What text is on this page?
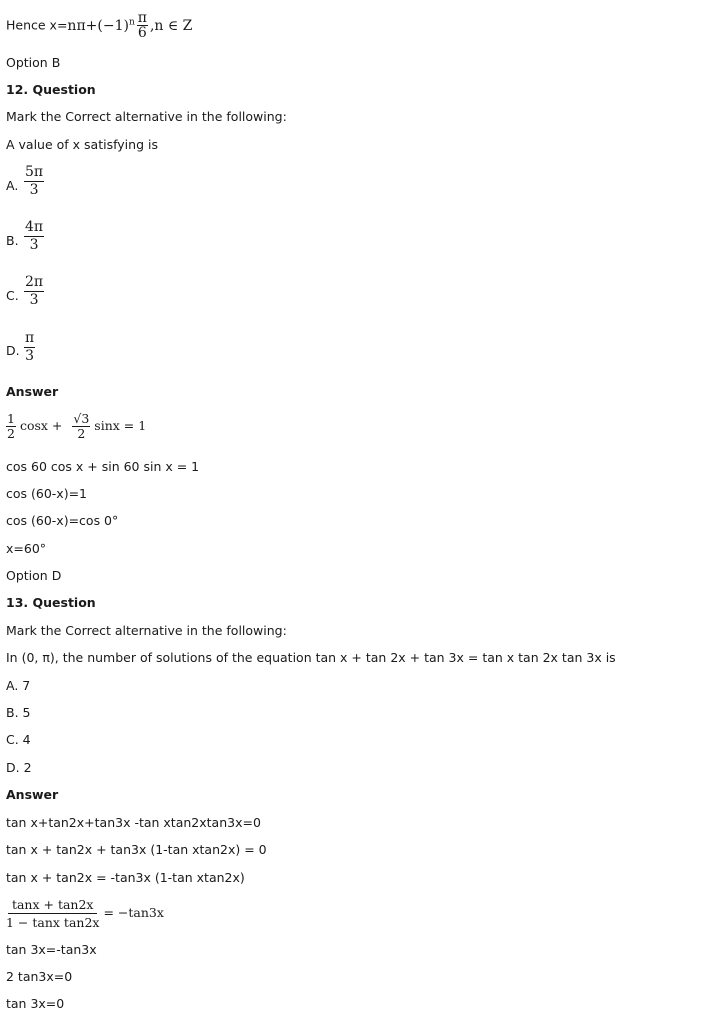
Hence $x=n\pi+(-1)^n \frac{\pi}{6} ,n$ ∈ Z
Option B
12. Question
Mark the Correct alternative in the following:
A value of x satisfying is
A. $\frac{5\pi}{3}$
B. $\frac{4\pi}{3}$
C. $\frac{2\pi}{3}$
D. $\frac{\pi}{3}$
Answer
$\frac{1}{2}$ $\cos x + \frac{√3}{2}$ sinx = 1
cos 60 cos x + sin 60 sin x = 1
cos (60-x)=1
cos (60-x)=cos 0°
x=60°
Option D
13. Question
Mark the Correct alternative in the following:
In (0, π), the number of solutions of the equation tan x + tan 2x + tan 3x = tan x tan 2x tan 3x is
A. 7
B. 5
C. 4
D. 2
Answer
tan x+tan2x+tan3x -tan xtan2xtan3x=0
tan x + tan2x + tan3x (1-tan xtan2x) = 0
tan x + tan2x = -tan3x (1-tan xtan2x)
$\frac{\tan x + \tan 2x}{\text{1 − tanx tan2x}} = -\tan 3x$
tan 3x=-tan3x
2 tan3x=0
tan 3x=0
